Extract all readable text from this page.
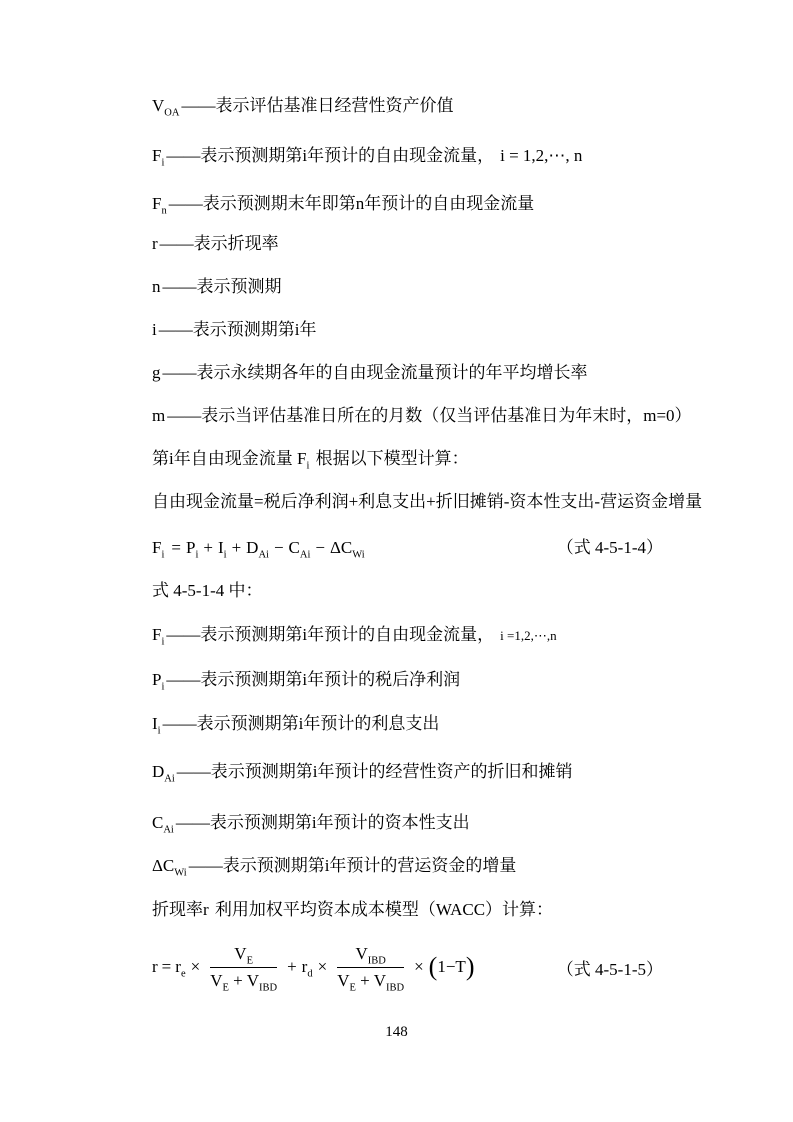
$V_{OA}$ ——表示评估基准日经营性资产价值

$F_i$ ——表示预测期第i年预计的自由现金流量， i = 1,2,⋯, n

$F_n$ ——表示预测期末年即第n年预计的自由现金流量

r ——表示折现率

n ——表示预测期

i ——表示预测期第i年

g ——表示永续期各年的自由现金流量预计的年平均增长率

m ——表示当评估基准日所在的月数（仅当评估基准日为年末时，m=0）

第i年自由现金流量 $F_i$ 根据以下模型计算：

自由现金流量=税后净利润+利息支出+折旧摊销-资本性支出-营运资金增量

$F_i = P_i + I_i + D_{Ai} - C_{Ai} - \Delta C_{Wi}$	（式 4-5-1-4）

式 4-5-1-4 中：

$F_i$ ——表示预测期第i年预计的自由现金流量， i =1,2,⋯,n

$P_i$ ——表示预测期第i年预计的税后净利润

$I_i$ ——表示预测期第i年预计的利息支出

$D_{Ai}$ ——表示预测期第i年预计的经营性资产的折旧和摊销

$C_{Ai}$ ——表示预测期第i年预计的资本性支出

$\Delta C_{Wi}$ ——表示预测期第i年预计的营运资金的增量

折现率r 利用加权平均资本成本模型（WACC）计算：

$r = r_e \times \frac{V_E}{V_E + V_{IBD}} + r_d \times \frac{V_{IBD}}{V_E + V_{IBD}} \times (1-T)$	（式 4-5-1-5）
148
